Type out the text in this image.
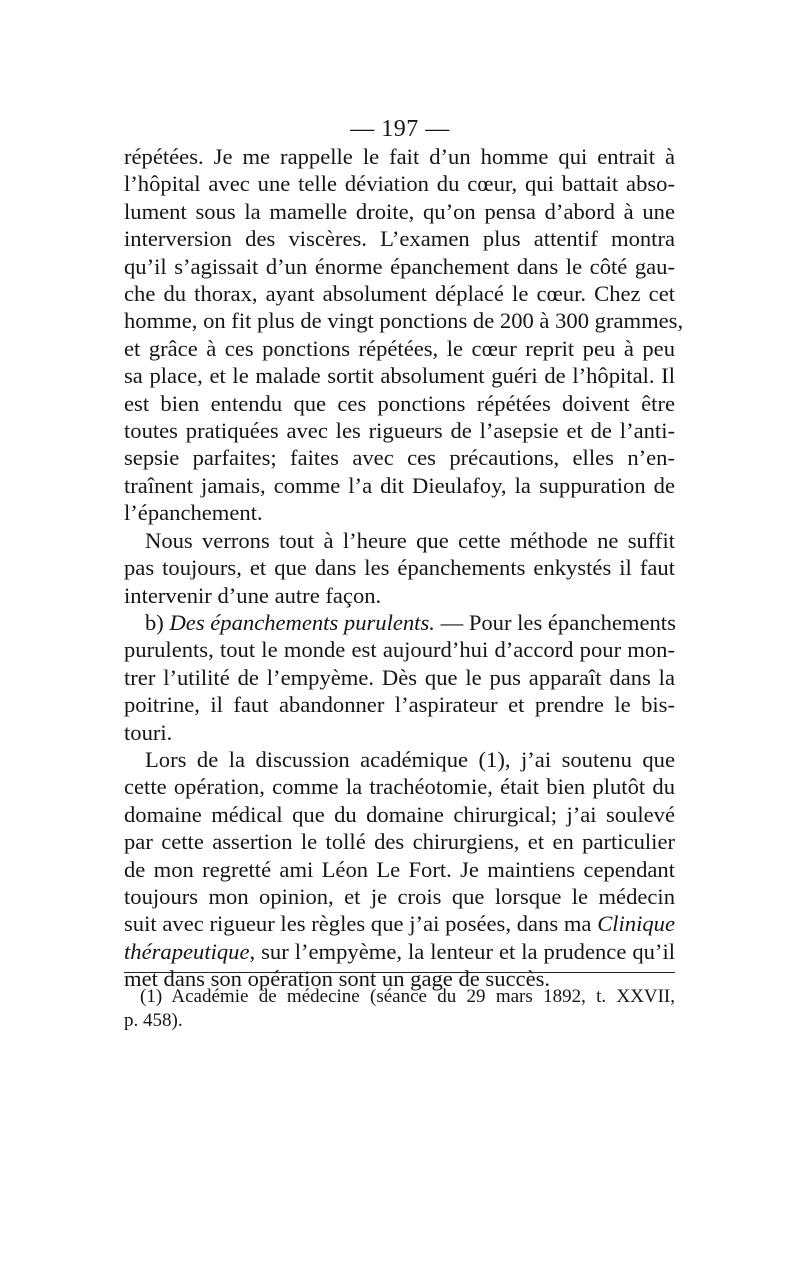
— 197 —

répétées. Je me rappelle le fait d’un homme qui entrait à
l’hôpital avec une telle déviation du cœur, qui battait abso-
lument sous la mamelle droite, qu’on pensa d’abord à une
interversion des viscères. L’examen plus attentif montra
qu’il s’agissait d’un énorme épanchement dans le côté gau-
che du thorax, ayant absolument déplacé le cœur. Chez cet
homme, on fit plus de vingt ponctions de 200 à 300 grammes,
et grâce à ces ponctions répétées, le cœur reprit peu à peu
sa place, et le malade sortit absolument guéri de l’hôpital. Il
est bien entendu que ces ponctions répétées doivent être
toutes pratiquées avec les rigueurs de l’asepsie et de l’anti-
sepsie parfaites; faites avec ces précautions, elles n’en-
traînent jamais, comme l’a dit Dieulafoy, la suppuration de
l’épanchement.

Nous verrons tout à l’heure que cette méthode ne suffit
pas toujours, et que dans les épanchements enkystés il faut
intervenir d’une autre façon.

b) Des épanchements purulents. — Pour les épanchements
purulents, tout le monde est aujourd’hui d’accord pour mon-
trer l’utilité de l’empyème. Dès que le pus apparaît dans la
poitrine, il faut abandonner l’aspirateur et prendre le bis-
touri.

Lors de la discussion académique (1), j’ai soutenu que
cette opération, comme la trachéotomie, était bien plutôt du
domaine médical que du domaine chirurgical; j’ai soulevé
par cette assertion le tollé des chirurgiens, et en particulier
de mon regretté ami Léon Le Fort. Je maintiens cependant
toujours mon opinion, et je crois que lorsque le médecin
suit avec rigueur les règles que j’ai posées, dans ma Clinique
thérapeutique, sur l’empyème, la lenteur et la prudence qu’il
met dans son opération sont un gage de succès.

(1) Académie de médecine (séance du 29 mars 1892, t. XXVII,
p. 458).
